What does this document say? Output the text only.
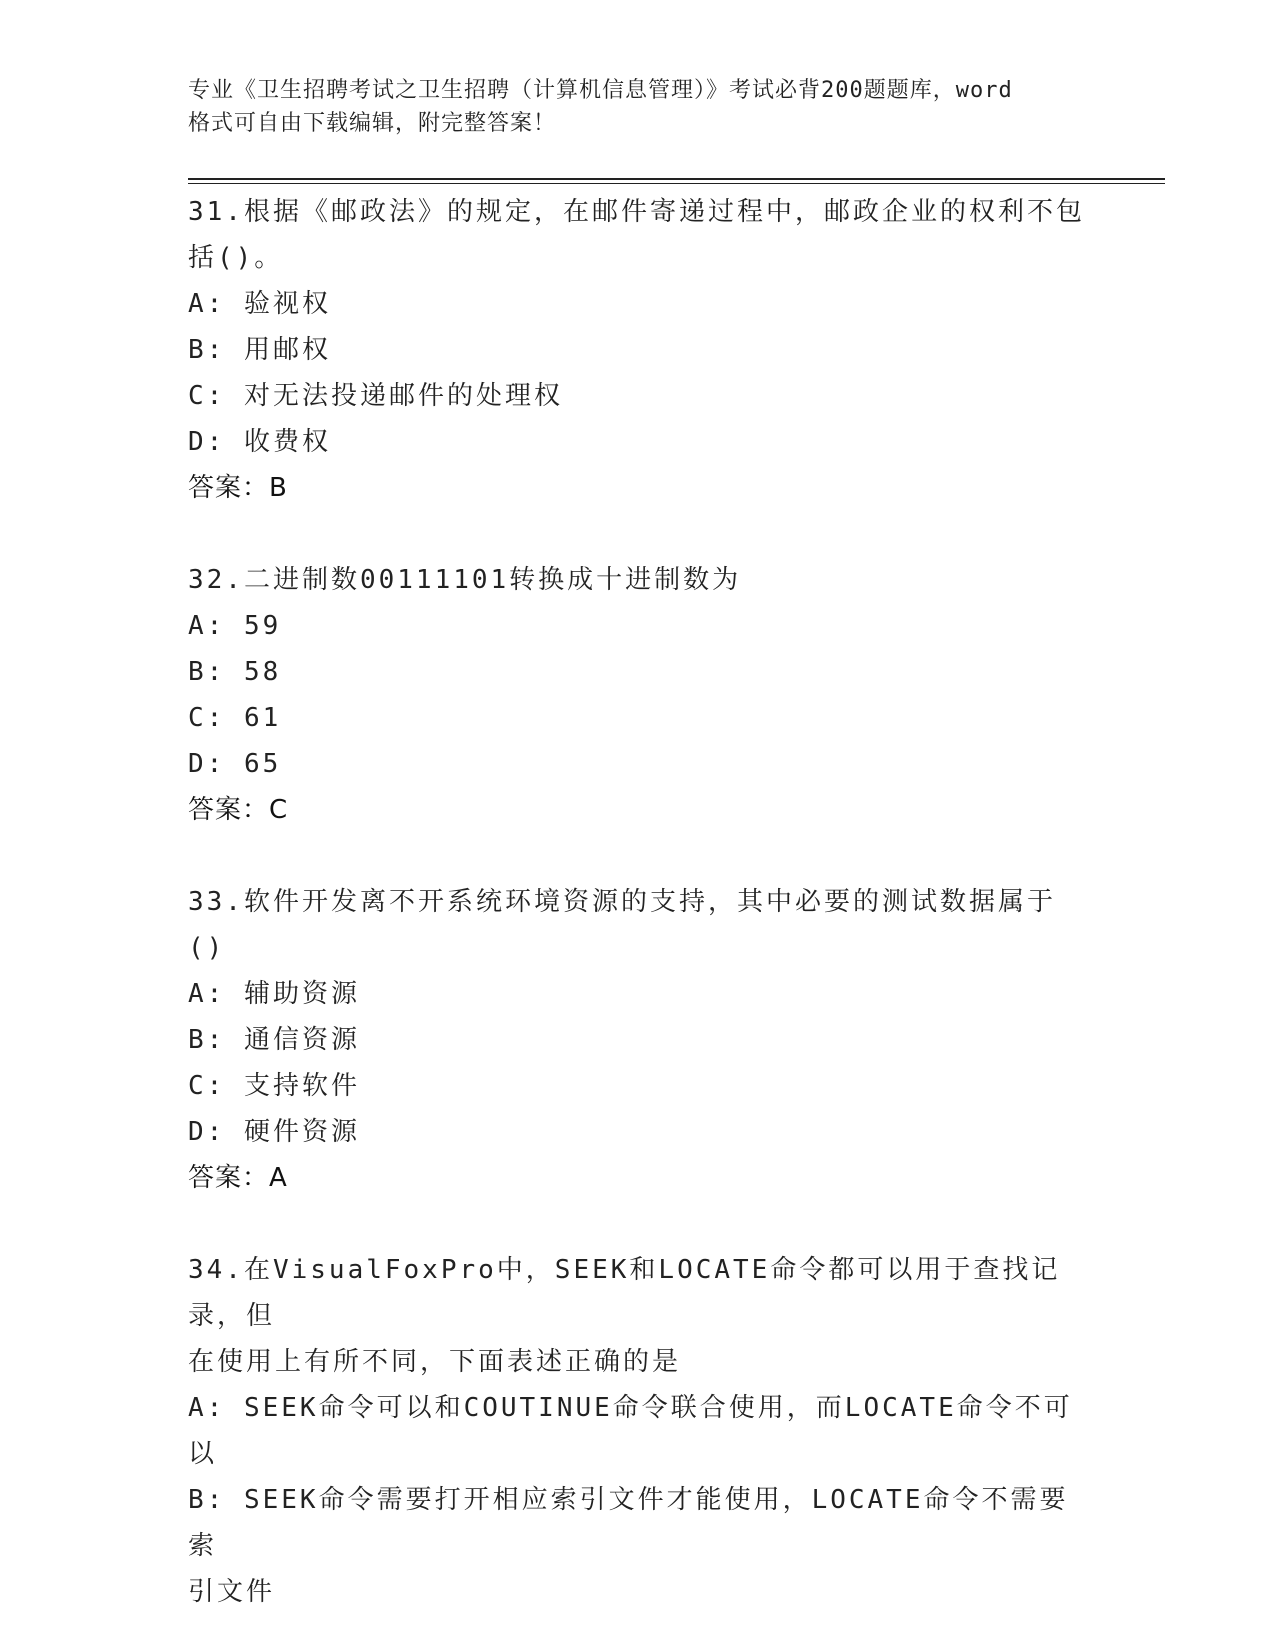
专业《卫生招聘考试之卫生招聘（计算机信息管理）》考试必背200题题库，word
格式可自由下载编辑，附完整答案！
31.根据《邮政法》的规定，在邮件寄递过程中，邮政企业的权利不包
括()。
A: 验视权
B: 用邮权
C: 对无法投递邮件的处理权
D: 收费权
答案：B
32.二进制数00111101转换成十进制数为
A: 59
B: 58
C: 61
D: 65
答案：C
33.软件开发离不开系统环境资源的支持，其中必要的测试数据属于()
A: 辅助资源
B: 通信资源
C: 支持软件
D: 硬件资源
答案：A
34.在VisualFoxPro中，SEEK和LOCATE命令都可以用于查找记录，但
在使用上有所不同，下面表述正确的是
A: SEEK命令可以和COUTINUE命令联合使用，而LOCATE命令不可以
B: SEEK命令需要打开相应索引文件才能使用，LOCATE命令不需要索
引文件
